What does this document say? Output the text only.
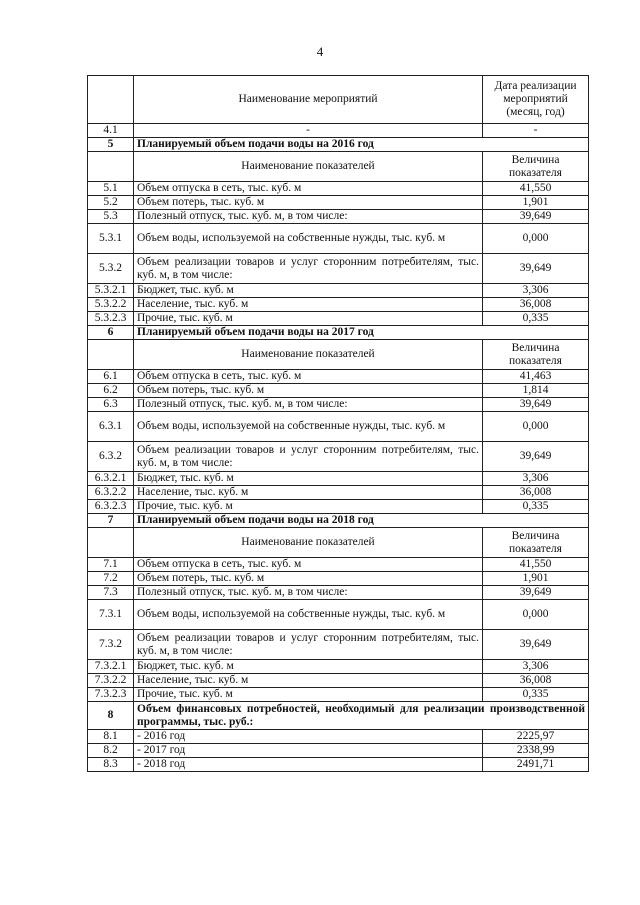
4
	Наименование мероприятий	Дата реализации мероприятий (месяц, год)
4.1	-	-
5	Планируемый объем подачи воды на 2016 год	
	Наименование показателей	Величина показателя
5.1	Объем отпуска в сеть, тыс. куб. м	41,550
5.2	Объем потерь, тыс. куб. м	1,901
5.3	Полезный отпуск, тыс. куб. м, в том числе:	39,649
5.3.1	Объем воды, используемой на собственные нужды, тыс. куб. м	0,000
5.3.2	Объем реализации товаров и услуг сторонним потребителям, тыс. куб. м, в том числе:	39,649
5.3.2.1	Бюджет, тыс. куб. м	3,306
5.3.2.2	Население, тыс. куб. м	36,008
5.3.2.3	Прочие, тыс. куб. м	0,335
6	Планируемый объем подачи воды на 2017 год	
	Наименование показателей	Величина показателя
6.1	Объем отпуска в сеть, тыс. куб. м	41,463
6.2	Объем потерь, тыс. куб. м	1,814
6.3	Полезный отпуск, тыс. куб. м, в том числе:	39,649
6.3.1	Объем воды, используемой на собственные нужды, тыс. куб. м	0,000
6.3.2	Объем реализации товаров и услуг сторонним потребителям, тыс. куб. м, в том числе:	39,649
6.3.2.1	Бюджет, тыс. куб. м	3,306
6.3.2.2	Население, тыс. куб. м	36,008
6.3.2.3	Прочие, тыс. куб. м	0,335
7	Планируемый объем подачи воды на 2018 год	
	Наименование показателей	Величина показателя
7.1	Объем отпуска в сеть, тыс. куб. м	41,550
7.2	Объем потерь, тыс. куб. м	1,901
7.3	Полезный отпуск, тыс. куб. м, в том числе:	39,649
7.3.1	Объем воды, используемой на собственные нужды, тыс. куб. м	0,000
7.3.2	Объем реализации товаров и услуг сторонним потребителям, тыс. куб. м, в том числе:	39,649
7.3.2.1	Бюджет, тыс. куб. м	3,306
7.3.2.2	Население, тыс. куб. м	36,008
7.3.2.3	Прочие, тыс. куб. м	0,335
8	Объем финансовых потребностей, необходимый для реализации производственной программы, тыс. руб.:	
8.1	- 2016 год	2225,97
8.2	- 2017 год	2338,99
8.3	- 2018 год	2491,71
